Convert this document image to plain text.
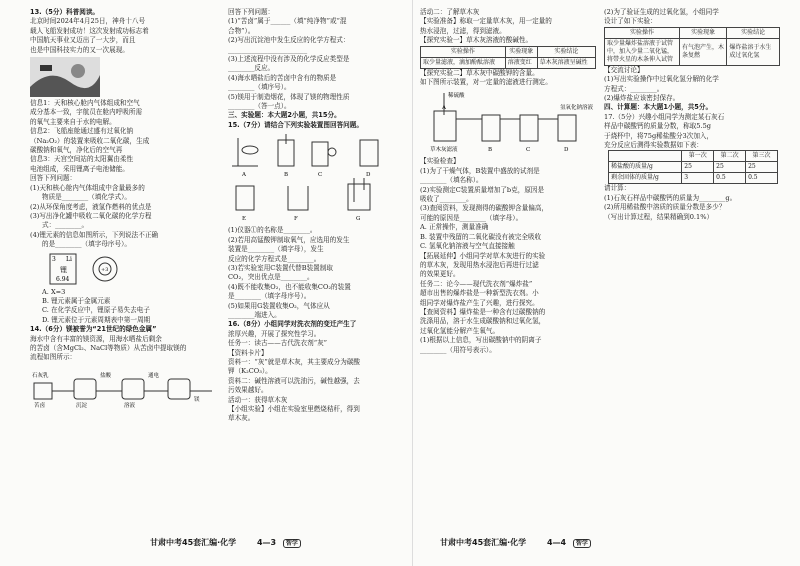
13.（5分）科普阅读。
北京时间2024年4月25日，神舟十八号
载人飞船发射成功！这次发射成功标志着
中国航天事业又迈出了一大步，而且
也是中国科技实力的又一次展现。
信息1：天和核心舱内气体组成和空气
成分基本一致，宇航员在舱内呼吸所需
的氧气主要来自于水的电解。
信息2：飞船座舱通过盛有过氧化钠
（Na₂O₂）的装置来吸收二氧化碳，生成
碳酸钠和氧气，净化后的空气再
信息3：天宫空间站的太阳翼由柔性
电池组成，采用锂离子电池储能。
回答下列问题：
(1)天和核心舱内气体组成中含量最多的
物质是________（填化学式）。
(2)从环保角度考虑，液氢作燃料的优点是
(3)写出净化罐中吸收二氧化碳的化学方程
式：________。
(4)锂元素的信息如图所示，下列说法不正确
的是________（填字母序号）。
3 Li
锂
6.94
+3
A. X=3
B. 锂元素属于金属元素
C. 在化学反应中，锂原子易失去电子
D. 锂元素位于元素周期表中第一周期
14.（6分）镁被誉为“21世纪的绿色金属”
海水中含有丰富的镁资源，用海水晒盐后剩余
的苦卤（含MgCl₂、NaCl等物质）从苦卤中提取镁的
流程如图所示：
石灰乳
苦卤	沉淀
盐酸
溶液
通电
镁
回答下列问题：
(1)“苦卤”属于______（填“纯净物”或“混
合物”）。
(2)写出沉淀池中发生反应的化学方程式：
________________________
(3)上述流程中没有涉及的化学反应类型是
________反应。
(4)海水晒盐后的苦卤中含有的物质是
________（填序号）。
(5)镁用于制造烟花，体现了镁的物理性质
________（答一点）。
三、实验题：本大题2小题，共15分。
15.（7分）请结合下列实验装置图回答问题。
A	B	C	D
E	F	G
(1)仪器①的名称是________。
(2)若用高锰酸钾制取氧气，应选用的发生
装置是________（填字母），发生
反应的化学方程式是________。
(3)若实验室用C装置代替B装置制取
CO₂，突出优点是________。
(4)既不能收集O₂，也不能收集CO₂的装置
是________（填字母序号）。
(5)如果用G装置收集O₂，气体应从
________端进入。
16.（8分）小组同学对洗衣剂的变迁产生了
浓厚兴趣，开展了探究性学习。
任务一：读古——古代洗衣剂“灰”
【资料卡片】
资料一：“灰”就是草木灰，其主要成分为碳酸
钾（K₂CO₃）。
资料二：碱性溶液可以洗油污，碱性越强，去
污效果越好。
活动一：获得草木灰
【小组实验】小组在实验室里燃烧秸秆，得到
草木灰。
活动二：了解草木灰
【实验准备】称取一定量草木灰，用一定量的
热水浸泡，过滤，得到滤液。
【探究实验一】草木灰溶液的酸碱性。
实验操作	实验现象	实验结论
取少量滤液，滴加酚酞溶液	溶液变红	草木灰溶液呈碱性
【探究实验二】草木灰中碳酸钾的含量。
如下图所示装置，对一定量的滤液进行测定。
稀硫酸
草木灰滤液	B	C
A
D
氢氧化钠溶液
【实验检查】
(1)为了干燥气体，B装置中盛放的试剂是
________（填名称）。
(2)实验测定C装置质量增加了b克，原因是
吸收了________。
(3)查阅资料，发现测得的碳酸钾含量偏高，
可能的原因是________（填字母）。
A. 正常操作，测量准确
B. 装置中残留的二氧化碳没有被完全吸收
C. 氢氧化钠溶液与空气直接接触
【拓展延伸】小组同学对草木灰进行的实验
的草木灰，发现用热水浸泡后再进行过滤
的效果更好。
任务二：论今——现代洗衣剂“爆炸盐”
超市出售的爆炸盐是一种新型洗衣剂。小
组同学对爆炸盐产生了兴趣，进行探究。
【查阅资料】爆炸盐是一种含有过碳酸钠的
洗涤用品，溶于水生成碳酸钠和过氧化氢，
过氧化氢能分解产生氧气。
(1)根据以上信息，写出碳酸钠中的阴离子
________（用符号表示）。
(2)为了验证生成的过氧化氢，小组同学
设计了如下实验：
实验操作	实验现象	实验结论
取少量爆炸盐溶液于试管中，加入少量二氧化锰，将带火星的木条伸入试管	有气泡产生，木条复燃	爆炸盐溶于水生成过氧化氢
【交流讨论】
(1)写出实验操作中过氧化氢分解的化学
方程式：________。
(2)爆炸盐应该密封保存。
四、计算题：本大题1小题，共5分。
17.（5分）兴趣小组同学为测定某石灰石
样品中碳酸钙的质量分数，称取5.5g
于烧杯中，将75g稀盐酸分3次加入，
充分反应后测得实验数据如下表：
	第一次	第二次	第三次
稀盐酸的质量/g	25	25	25
剩余固体的质量/g	3	0.5	0.5
请计算：
(1)石灰石样品中碳酸钙的质量为________g。
(2)所用稀盐酸中溶质的质量分数是多少？
（写出计算过程，结果精确到0.1%）
甘肃中考45套汇编·化学	4—3 智学	甘肃中考45套汇编·化学	4—4 智学
